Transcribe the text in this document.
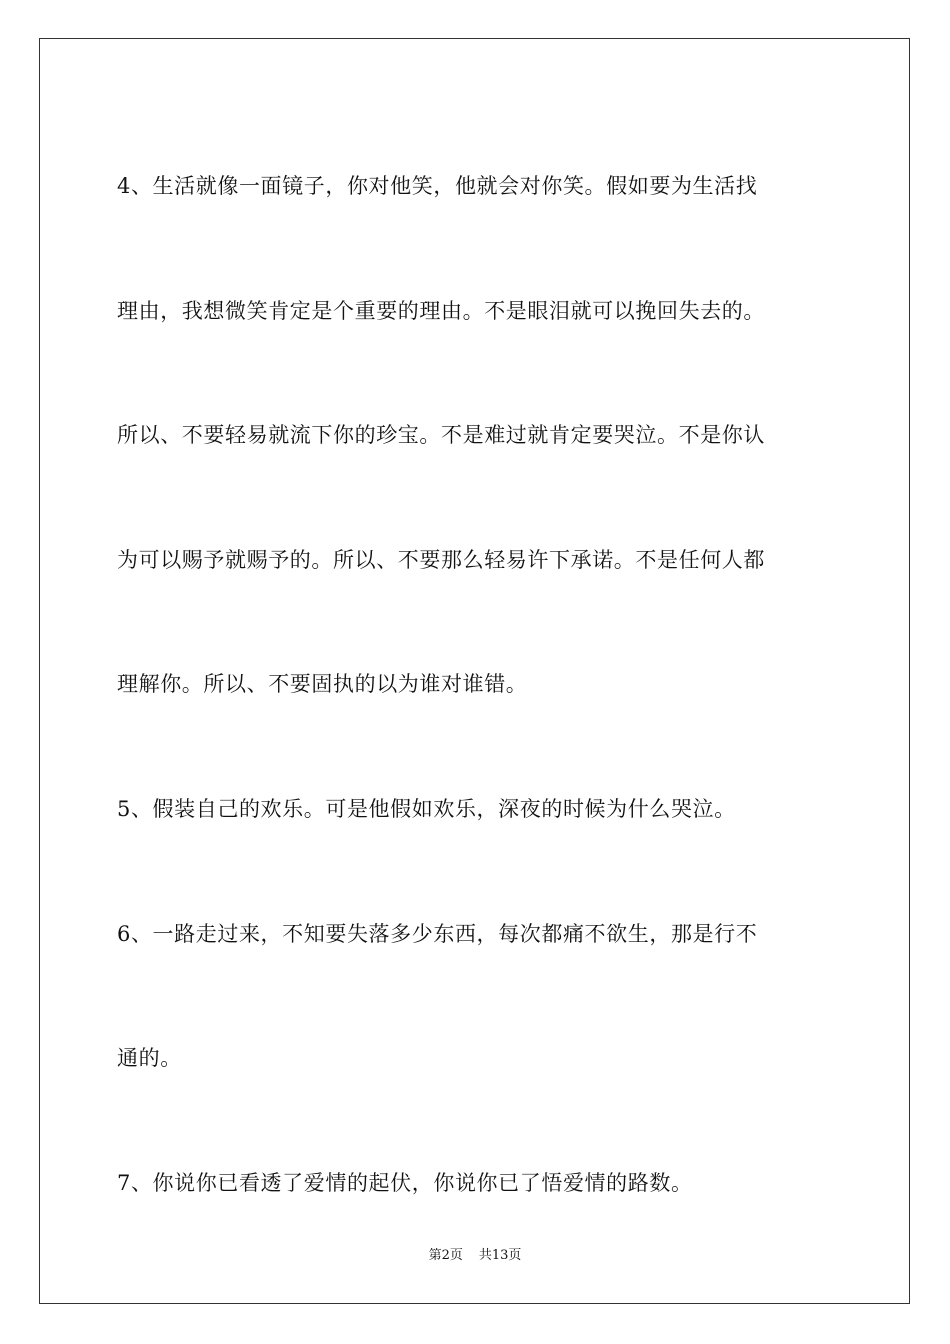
4、生活就像一面镜子，你对他笑，他就会对你笑。假如要为生活找
理由，我想微笑肯定是个重要的理由。不是眼泪就可以挽回失去的。
所以、不要轻易就流下你的珍宝。不是难过就肯定要哭泣。不是你认
为可以赐予就赐予的。所以、不要那么轻易许下承诺。不是任何人都
理解你。所以、不要固执的以为谁对谁错。
5、假装自己的欢乐。可是他假如欢乐，深夜的时候为什么哭泣。
6、一路走过来，不知要失落多少东西，每次都痛不欲生，那是行不
通的。
7、你说你已看透了爱情的起伏，你说你已了悟爱情的路数。
第2页 共13页
